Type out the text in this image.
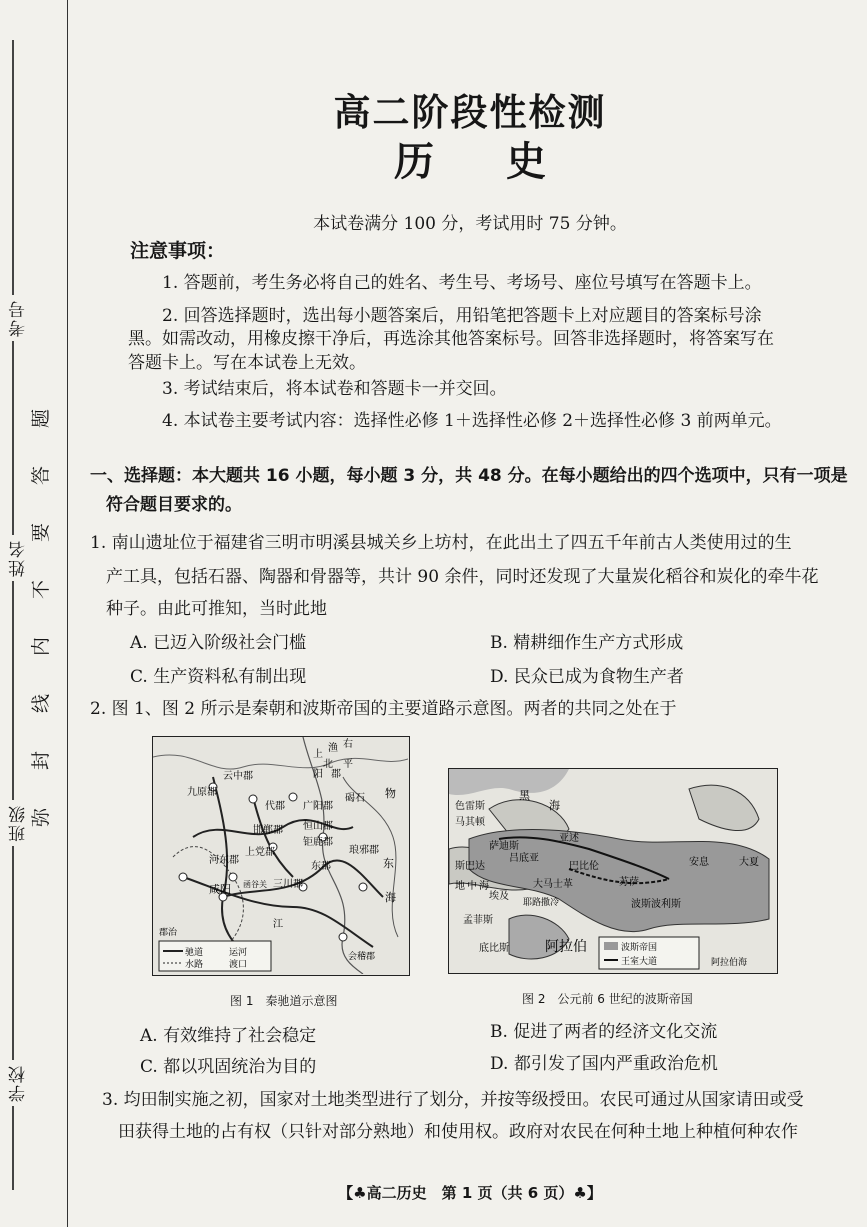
学校
班级
姓名
考号
题
答
要
不
内
线
封
弥
高二阶段性检测
历史
本试卷满分 100 分，考试用时 75 分钟。
注意事项：
1. 答题前，考生务必将自己的姓名、考生号、考场号、座位号填写在答题卡上。
2. 回答选择题时，选出每小题答案后，用铅笔把答题卡上对应题目的答案标号涂
黑。如需改动，用橡皮擦干净后，再选涂其他答案标号。回答非选择题时，将答案写在
答题卡上。写在本试卷上无效。
3. 考试结束后，将本试卷和答题卡一并交回。
4. 本试卷主要考试内容：选择性必修 1＋选择性必修 2＋选择性必修 3 前两单元。
一、选择题：本大题共 16 小题，每小题 3 分，共 48 分。在每小题给出的四个选项中，只有一项是
符合题目要求的。
1. 南山遗址位于福建省三明市明溪县城关乡上坊村，在此出土了四五千年前古人类使用过的生
产工具，包括石器、陶器和骨器等，共计 90 余件，同时还发现了大量炭化稻谷和炭化的牵牛花
种子。由此可推知，当时此地
A. 已迈入阶级社会门槛	B. 精耕细作生产方式形成
C. 生产资料私有制出现	D. 民众已成为食物生产者
2. 图 1、图 2 所示是秦朝和波斯帝国的主要道路示意图。两者的共同之处在于
驰道
水路
运河
渡口
郡治
上
渔 右
北 平
阳 郡
云中郡
九原郡
代郡
邯郸郡
广阳郡
碣石
恒山郡
钜鹿郡
琅邪郡
上党郡
河东郡
东郡
咸阳	三川郡
函谷关
东
海
会稽郡
江
物
图 1　秦驰道示意图
波斯帝国
王室大道
黑
海
马其顿
色雷斯
萨迪斯
斯巴达
亚述
吕底亚
巴比伦
波斯波利斯
埃及
孟菲斯
底比斯	阿拉伯
安息	大夏
阿拉伯海
地 中 海	大马士革
耶路撒冷
苏萨
图 2　公元前 6 世纪的波斯帝国
A. 有效维持了社会稳定	B. 促进了两者的经济文化交流
C. 都以巩固统治为目的	D. 都引发了国内严重政治危机
3. 均田制实施之初，国家对土地类型进行了划分，并按等级授田。农民可通过从国家请田或受
田获得土地的占有权（只针对部分熟地）和使用权。政府对农民在何种土地上种植何种农作
【♣高二历史　第 1 页（共 6 页）♣】
